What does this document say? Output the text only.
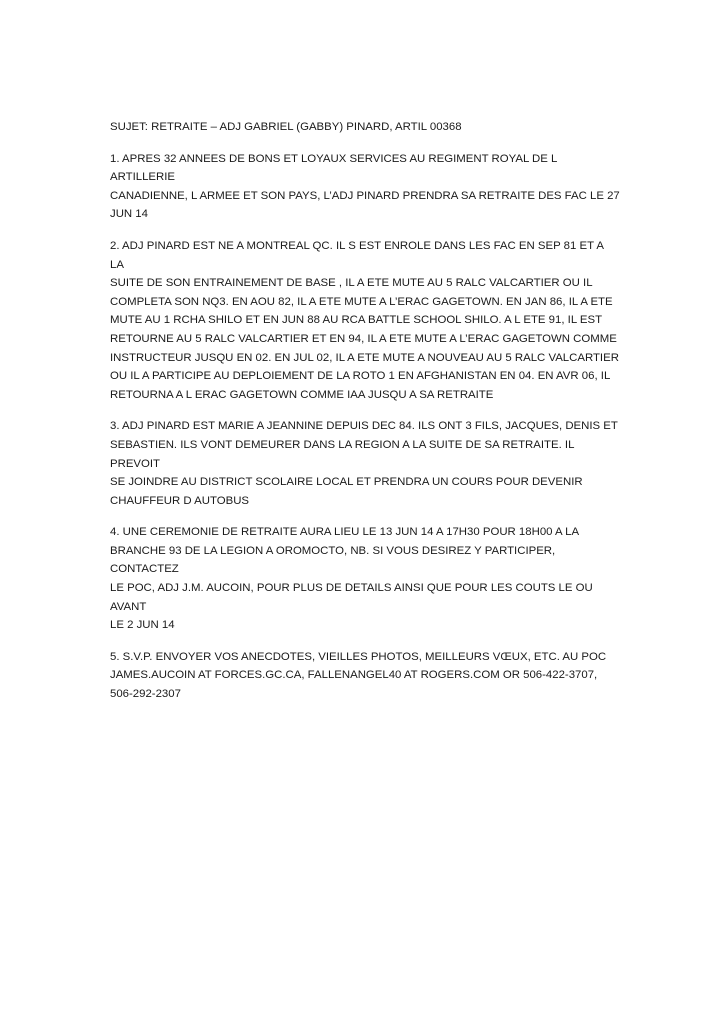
SUJET: RETRAITE – ADJ GABRIEL (GABBY) PINARD, ARTIL 00368

1. APRES 32 ANNEES DE BONS ET LOYAUX SERVICES AU REGIMENT ROYAL DE L ARTILLERIE
CANADIENNE, L ARMEE ET SON PAYS, L’ADJ PINARD PRENDRA SA RETRAITE DES FAC LE 27
JUN 14

2. ADJ PINARD EST NE A MONTREAL QC. IL S EST ENROLE DANS LES FAC EN SEP 81 ET A LA
SUITE DE SON ENTRAINEMENT DE BASE , IL A ETE MUTE AU 5 RALC VALCARTIER OU IL
COMPLETA SON NQ3. EN AOU 82, IL A ETE MUTE A L’ERAC GAGETOWN. EN JAN 86, IL A ETE
MUTE AU 1 RCHA SHILO ET EN JUN 88 AU RCA BATTLE SCHOOL SHILO. A L ETE 91, IL EST
RETOURNE AU 5 RALC VALCARTIER ET EN 94, IL A ETE MUTE A L’ERAC GAGETOWN COMME
INSTRUCTEUR JUSQU EN 02. EN JUL 02, IL A ETE MUTE A NOUVEAU AU 5 RALC VALCARTIER
OU IL A PARTICIPE AU DEPLOIEMENT DE LA ROTO 1 EN AFGHANISTAN EN 04. EN AVR 06, IL
RETOURNA A L ERAC GAGETOWN COMME IAA JUSQU A SA RETRAITE

3. ADJ PINARD EST MARIE A JEANNINE DEPUIS DEC 84. ILS ONT 3 FILS, JACQUES, DENIS ET
SEBASTIEN. ILS VONT DEMEURER DANS LA REGION A LA SUITE DE SA RETRAITE. IL PREVOIT
SE JOINDRE AU DISTRICT SCOLAIRE LOCAL ET PRENDRA UN COURS POUR DEVENIR
CHAUFFEUR D AUTOBUS

4. UNE CEREMONIE DE RETRAITE AURA LIEU LE 13 JUN 14 A 17H30 POUR 18H00 A LA
BRANCHE 93 DE LA LEGION A OROMOCTO, NB. SI VOUS DESIREZ Y PARTICIPER, CONTACTEZ
LE POC, ADJ J.M. AUCOIN, POUR PLUS DE DETAILS AINSI QUE POUR LES COUTS LE OU AVANT
LE 2 JUN 14

5. S.V.P. ENVOYER VOS ANECDOTES, VIEILLES PHOTOS, MEILLEURS VŒUX, ETC. AU POC
JAMES.AUCOIN AT FORCES.GC.CA, FALLENANGEL40 AT ROGERS.COM OR 506-422-3707,
506-292-2307
